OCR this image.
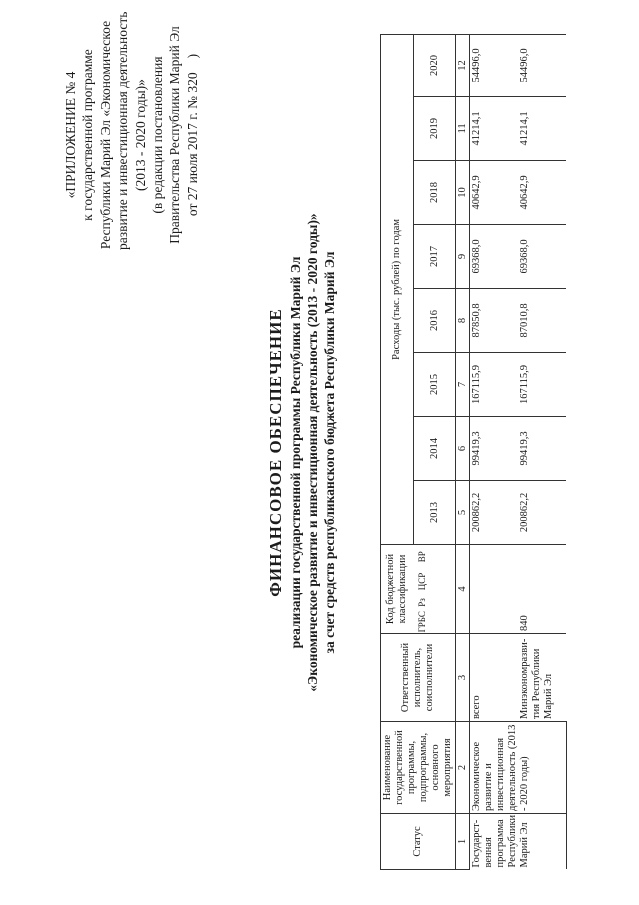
«ПРИЛОЖЕНИЕ № 4 к государственной программе Республики Марий Эл «Экономическое развитие и инвестиционная деятельность (2013 - 2020 годы)» (в редакции постановления Правительства Республики Марий Эл от 27 июля 2017 г. № 320)
ФИНАНСОВОЕ ОБЕСПЕЧЕНИЕ реализации государственной программы Республики Марий Эл «Экономическое развитие и инвестиционная деятельность (2013 - 2020 годы)» за счет средств республиканского бюджета Республики Марий Эл
Статус	Наименование государственной программы, подпрограммы, основного мероприятия	Ответственный исполнитель, соисполнители	Код бюджетной классификации				Расходы (тыс. рублей) по годам							
			ГРБС	Рз	ЦСР	ВР	2013	2014	2015	2016	2017	2018	2019	2020

1	2	3	4				5	6	7	8	9	10	11	12
Государст-венная программа Республики Марий Эл	Экономическое развитие и инвестиционная деятельность (2013 - 2020 годы)	всего					200862,2	99419,3	167115,9	87850,8	69368,0	40642,9	41214,1	54496,0
		Минэкономразви-тия Республики Марий Эл	840				200862,2	99419,3	167115,9	87010,8	69368,0	40642,9	41214,1	54496,0
